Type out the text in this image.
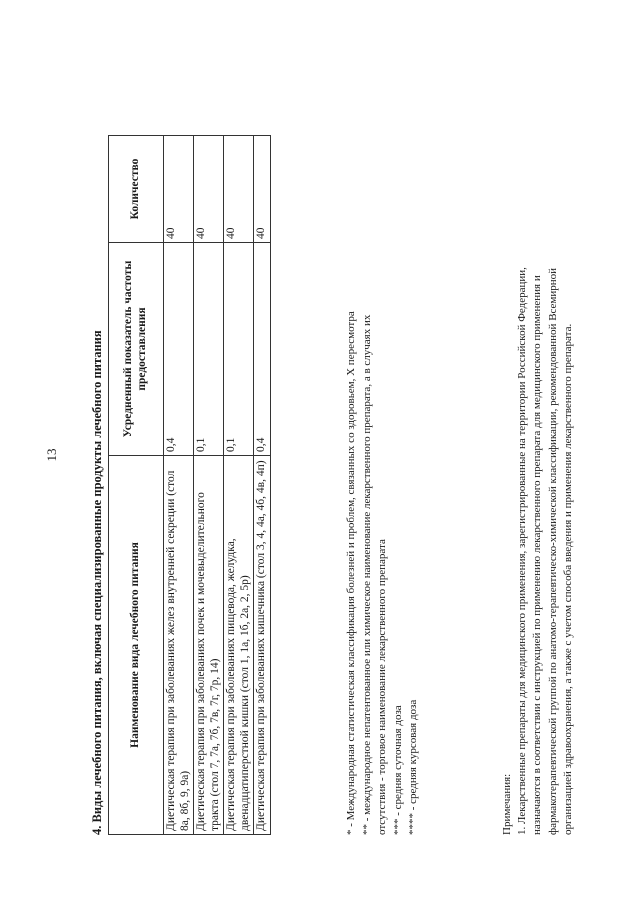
13 4. Виды лечебного питания, включая специализированные продукты лечебного питания Наименование вида лечебного питания	Усредненный показатель частоты предоставления	Количество
Диетическая терапия при заболеваниях желез внутренней секреции (стол 8а, 8б, 9, 9а)	0,4	40
Диетическая терапия при заболеваниях почек и мочевыделительного тракта (стол 7, 7а, 7б, 7в, 7г, 7р, 14)	0,1	40
Диетическая терапия при заболеваниях пищевода, желудка, двенадцатиперстной кишки (стол 1, 1а, 1б, 2а, 2, 5р)	0,1	40
Диетическая терапия при заболеваниях кишечника (стол 3, 4, 4а, 4б, 4в, 4п)	0,4	40
* - Международная статистическая классификация болезней и проблем, связанных со здоровьем, X пересмотра ** - международное непатентованное или химическое наименование лекарственного препарата, а в случаях их отсутствия - торговое наименование лекарственного препарата *** - средняя суточная доза **** - средняя курсовая доза	Примечания: 1. Лекарственные препараты для медицинского применения, зарегистрированные на территории Российской Федерации, назначаются в соответствии с инструкцией по применению лекарственного препарата для медицинского применения и фармакотерапевтической группой по анатомо-терапевтическо-химической классификации, рекомендованной Всемирной организацией здравоохранения, а также с учетом способа введения и применения лекарственного препарата.
